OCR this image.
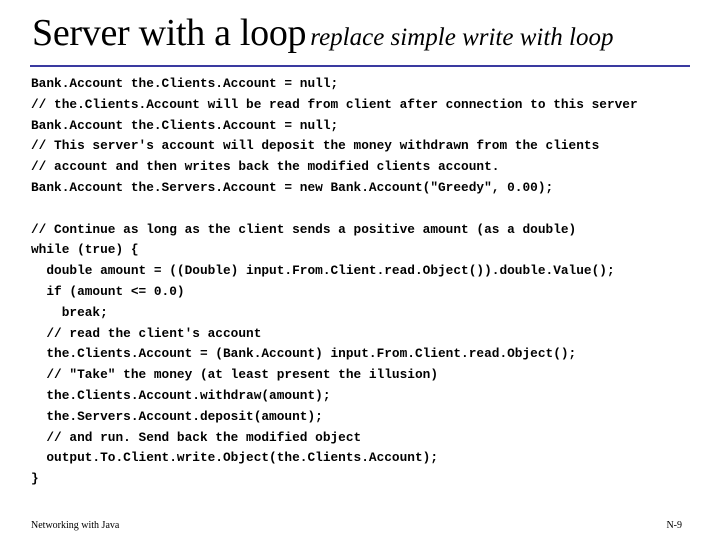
Server with a loop replace simple write with loop
Bank.Account the.Clients.Account = null;
// the.Clients.Account will be read from client after connection to this server
Bank.Account the.Clients.Account = null;
// This server's account will deposit the money withdrawn from the clients
// account and then writes back the modified clients account.
Bank.Account the.Servers.Account = new Bank.Account("Greedy", 0.00);
// Continue as long as the client sends a positive amount (as a double)
while (true) {
double amount = ((Double) input.From.Client.read.Object()).double.Value();
if (amount <= 0.0)
break;
// read the client's account
the.Clients.Account = (Bank.Account) input.From.Client.read.Object();
// "Take" the money (at least present the illusion)
the.Clients.Account.withdraw(amount);
the.Servers.Account.deposit(amount);
// and run. Send back the modified object
output.To.Client.write.Object(the.Clients.Account);
}
Networking with Java	N-9
